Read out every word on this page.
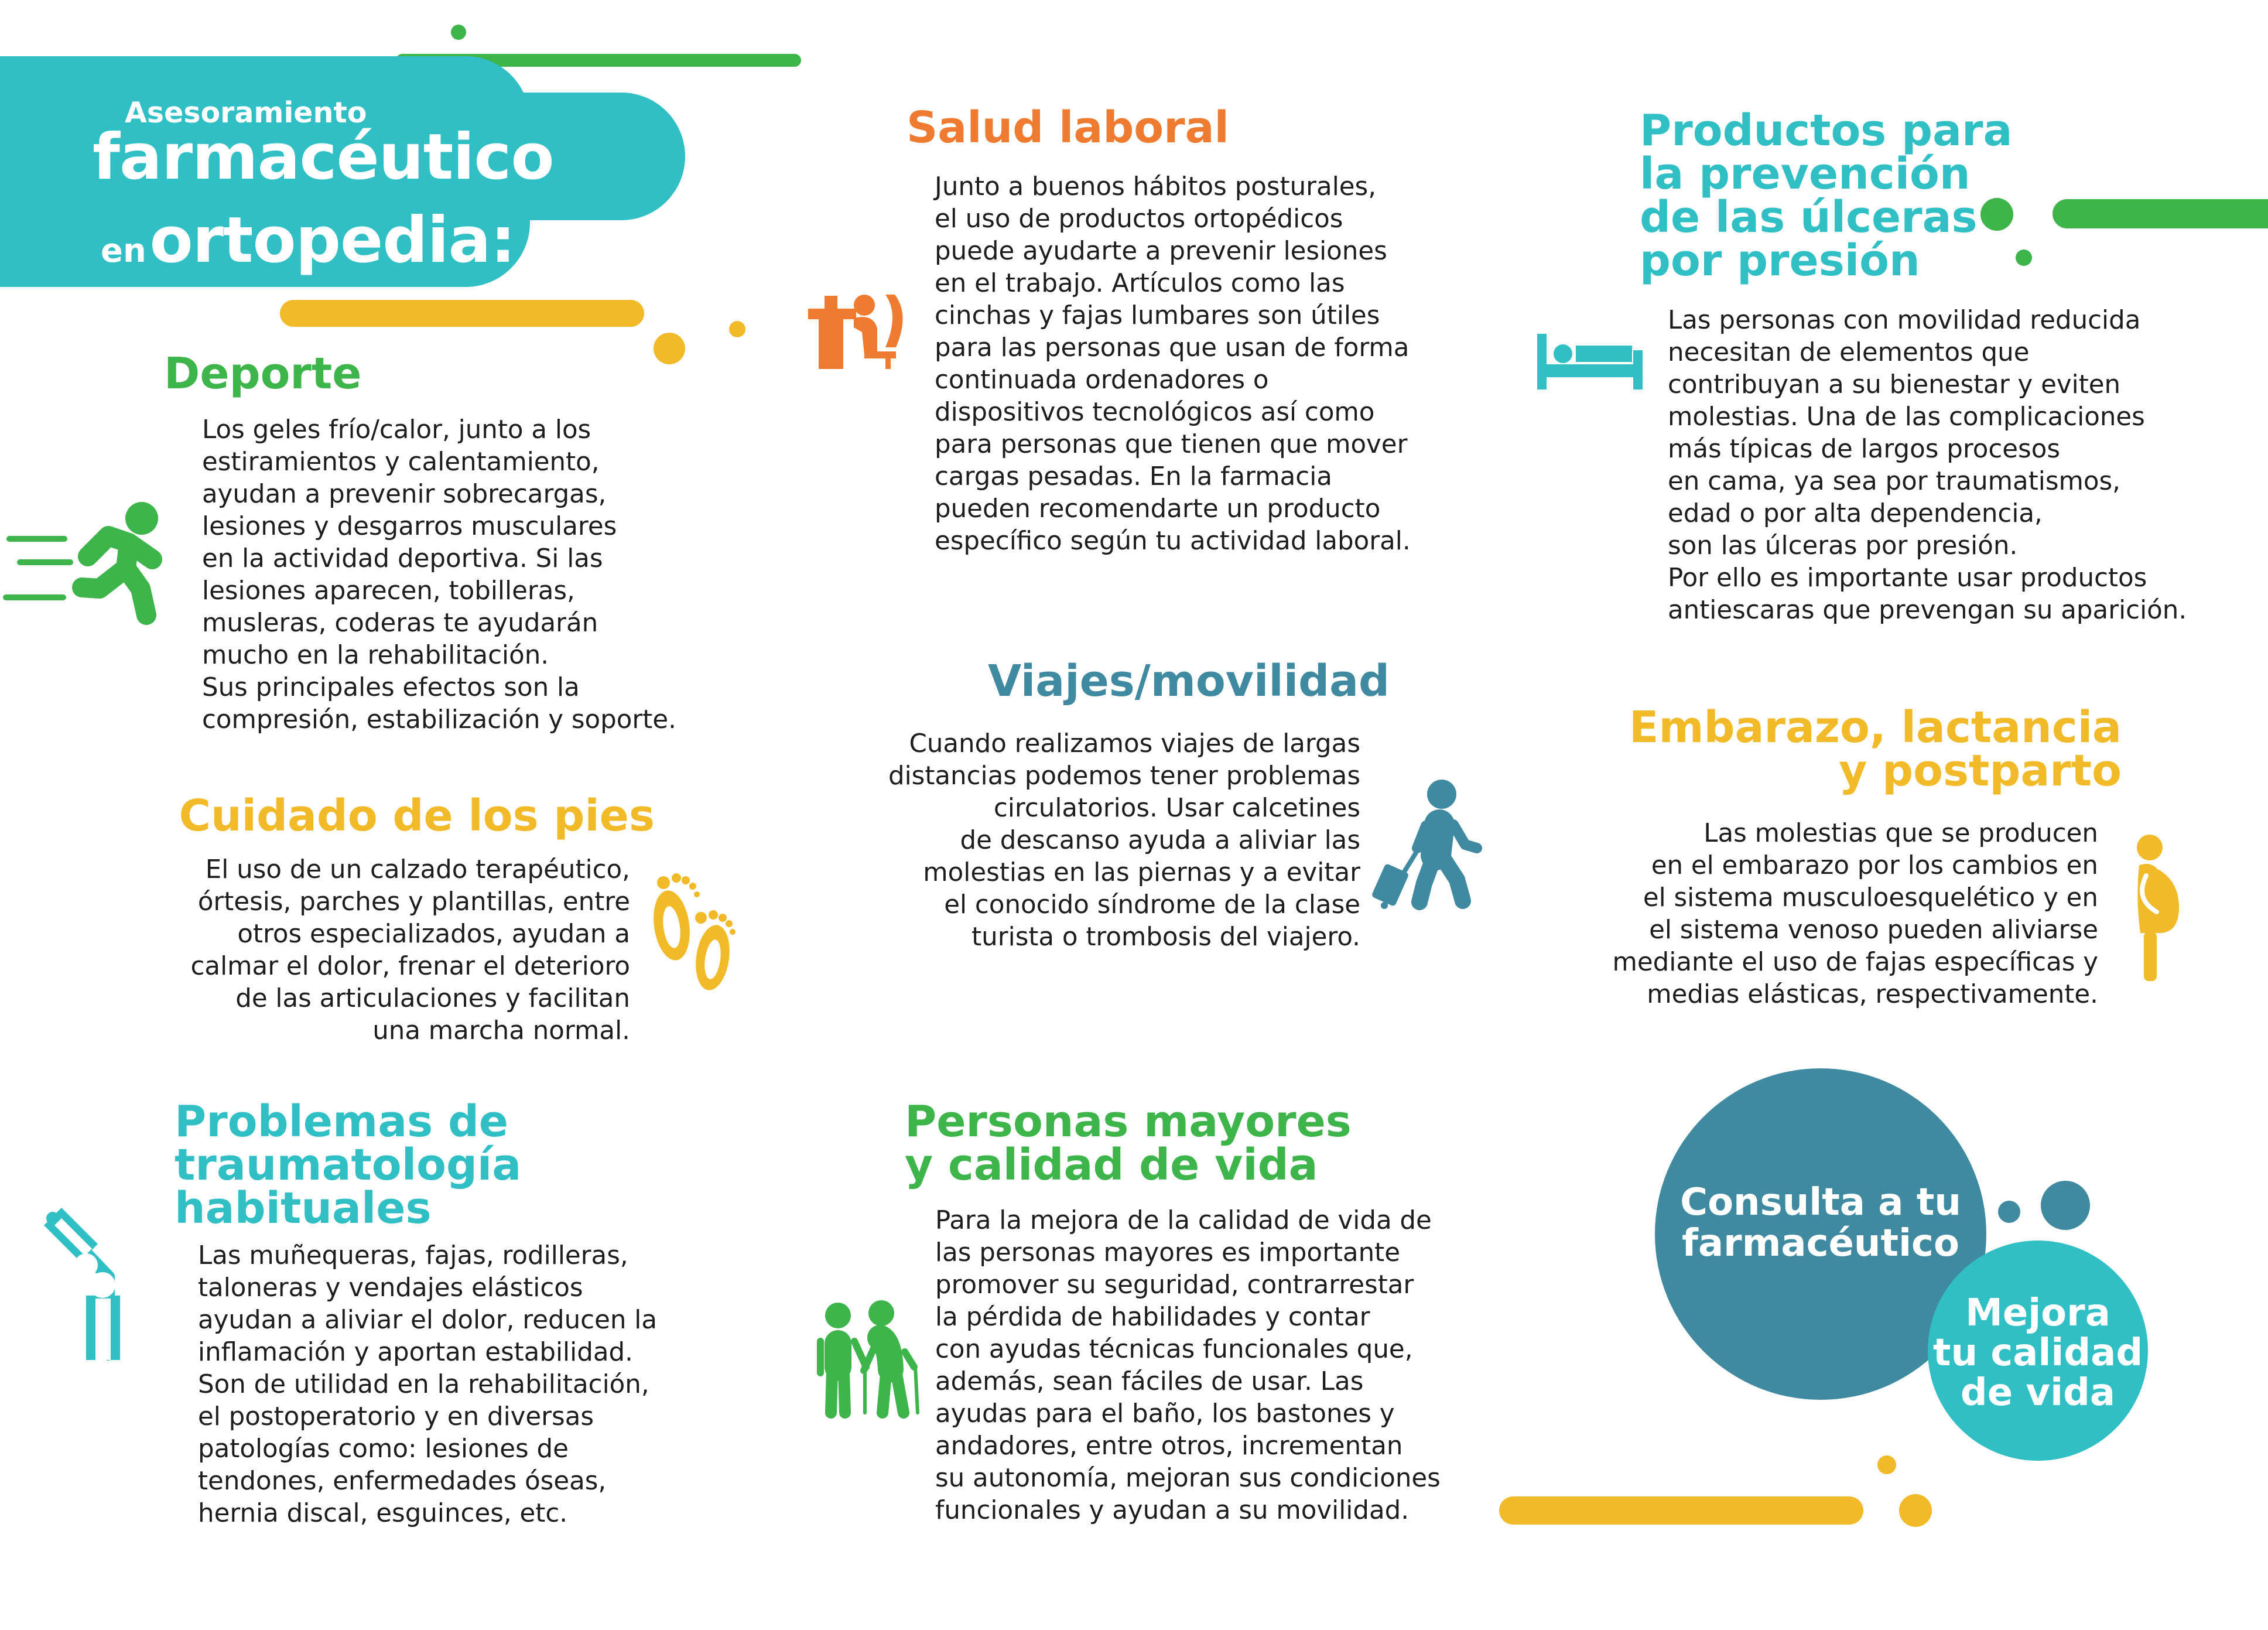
Asesoramiento
farmacéutico
en ortopedia:
Deporte
Los geles frío/calor, junto a los
estiramientos y calentamiento,
ayudan a prevenir sobrecargas,
lesiones y desgarros musculares
en la actividad deportiva. Si las
lesiones aparecen, tobilleras,
musleras, coderas te ayudarán
mucho en la rehabilitación.
Sus principales efectos son la
compresión, estabilización y soporte.
Cuidado de los pies
El uso de un calzado terapéutico,
órtesis, parches y plantillas, entre
otros especializados, ayudan a
calmar el dolor, frenar el deterioro
de las articulaciones y facilitan
una marcha normal.
Problemas de
traumatología
habituales
Las muñequeras, fajas, rodilleras,
taloneras y vendajes elásticos
ayudan a aliviar el dolor, reducen la
inflamación y aportan estabilidad.
Son de utilidad en la rehabilitación,
el postoperatorio y en diversas
patologías como: lesiones de
tendones, enfermedades óseas,
hernia discal, esguinces, etc.
Salud laboral
Junto a buenos hábitos posturales,
el uso de productos ortopédicos
puede ayudarte a prevenir lesiones
en el trabajo. Artículos como las
cinchas y fajas lumbares son útiles
para las personas que usan de forma
continuada ordenadores o
dispositivos tecnológicos así como
para personas que tienen que mover
cargas pesadas. En la farmacia
pueden recomendarte un producto
específico según tu actividad laboral.
Viajes/movilidad
Cuando realizamos viajes de largas
distancias podemos tener problemas
circulatorios. Usar calcetines
de descanso ayuda a aliviar las
molestias en las piernas y a evitar
el conocido síndrome de la clase
turista o trombosis del viajero.
Personas mayores
y calidad de vida
Para la mejora de la calidad de vida de
las personas mayores es importante
promover su seguridad, contrarrestar
la pérdida de habilidades y contar
con ayudas técnicas funcionales que,
además, sean fáciles de usar. Las
ayudas para el baño, los bastones y
andadores, entre otros, incrementan
su autonomía, mejoran sus condiciones
funcionales y ayudan a su movilidad.
Productos para
la prevención
de las úlceras
por presión
Las personas con movilidad reducida
necesitan de elementos que
contribuyan a su bienestar y eviten
molestias. Una de las complicaciones
más típicas de largos procesos
en cama, ya sea por traumatismos,
edad o por alta dependencia,
son las úlceras por presión.
Por ello es importante usar productos
antiescaras que prevengan su aparición.
Embarazo, lactancia
y postparto
Las molestias que se producen
en el embarazo por los cambios en
el sistema musculoesquelético y en
el sistema venoso pueden aliviarse
mediante el uso de fajas específicas y
medias elásticas, respectivamente.
Consulta a tu
farmacéutico
Mejora
tu calidad
de vida
